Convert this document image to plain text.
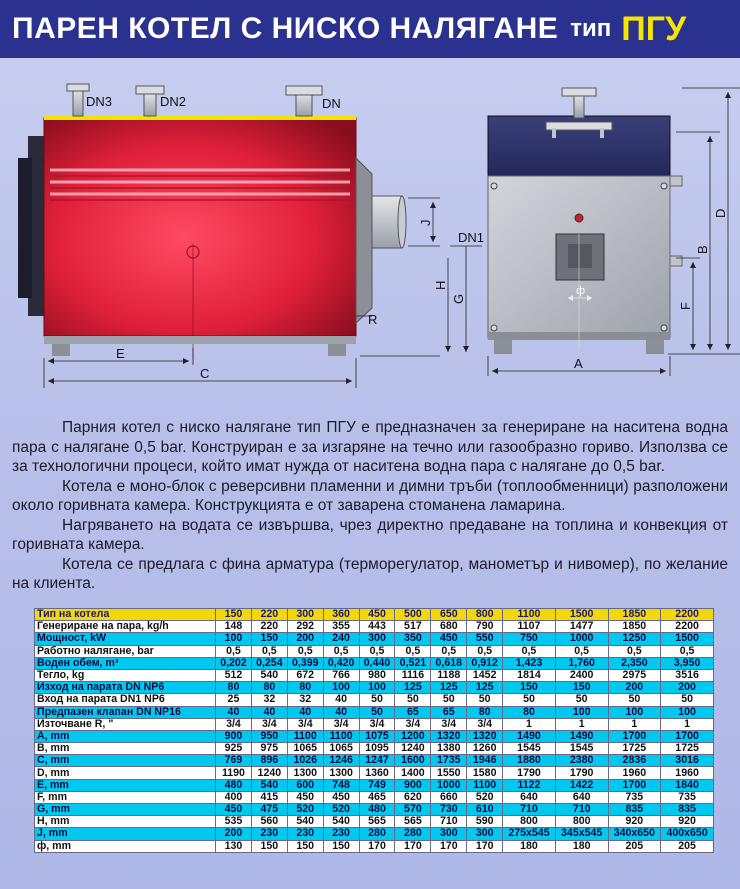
ПАРЕН КОТЕЛ С НИСКО НАЛЯГАНЕ тип ПГУ
DN3	DN2	DN
DN1
E
C
R
A
ф
J
H
G
F
B
D

Парния котел с ниско налягане тип ПГУ е предназначен за генериране на наситена водна пара с налягане 0,5 bar. Конструиран е за изгаряне на течно или газообразно гориво. Използва се за технологични процеси, който имат нужда от наситена водна пара с налягане до 0,5 bar.

Котела е моно-блок с реверсивни пламенни и димни тръби (топлообменници) разположени около горивната камера. Конструкцията е от заварена стоманена ламарина.

Нагряването на водата се извършва, чрез директно предаване на топлина и конвекция от горивната камера.

Котела се предлага с фина арматура (терморегулатор, манометър и нивомер), по желание на клиента.

Тип на котела	150	220	300	360	450	500	650	800	1100	1500	1850	2200
Генериране на пара, kg/h	148	220	292	355	443	517	680	790	1107	1477	1850	2200
Мощност, kW	100	150	200	240	300	350	450	550	750	1000	1250	1500
Работно налягане, bar	0,5	0,5	0,5	0,5	0,5	0,5	0,5	0,5	0,5	0,5	0,5	0,5
Воден обем, m³	0,202	0,254	0,399	0,420	0,440	0,521	0,618	0,912	1,423	1,760	2,350	3,950
Тегло, kg	512	540	672	766	980	1116	1188	1452	1814	2400	2975	3516
Изход на парата DN NP6	80	80	80	100	100	125	125	125	150	150	200	200
Вход на парата DN1 NP6	25	32	32	40	50	50	50	50	50	50	50	50
Предпазен клапан DN NP16	40	40	40	40	50	65	65	80	80	100	100	100
Източване R, "	3/4	3/4	3/4	3/4	3/4	3/4	3/4	3/4	1	1	1	1
A, mm	900	950	1100	1100	1075	1200	1320	1320	1490	1490	1700	1700
B, mm	925	975	1065	1065	1095	1240	1380	1260	1545	1545	1725	1725
C, mm	769	896	1026	1246	1247	1600	1735	1946	1880	2380	2836	3016
D, mm	1190	1240	1300	1300	1360	1400	1550	1580	1790	1790	1960	1960
E, mm	480	540	600	748	749	900	1000	1100	1122	1422	1700	1840
F, mm	400	415	450	450	465	620	660	520	640	640	735	735
G, mm	450	475	520	520	480	570	730	610	710	710	835	835
H, mm	535	560	540	540	565	565	710	590	800	800	920	920
J, mm	200	230	230	230	280	280	300	300	275x545	345x545	340x650	400x650
ф, mm	130	150	150	150	170	170	170	170	180	180	205	205
